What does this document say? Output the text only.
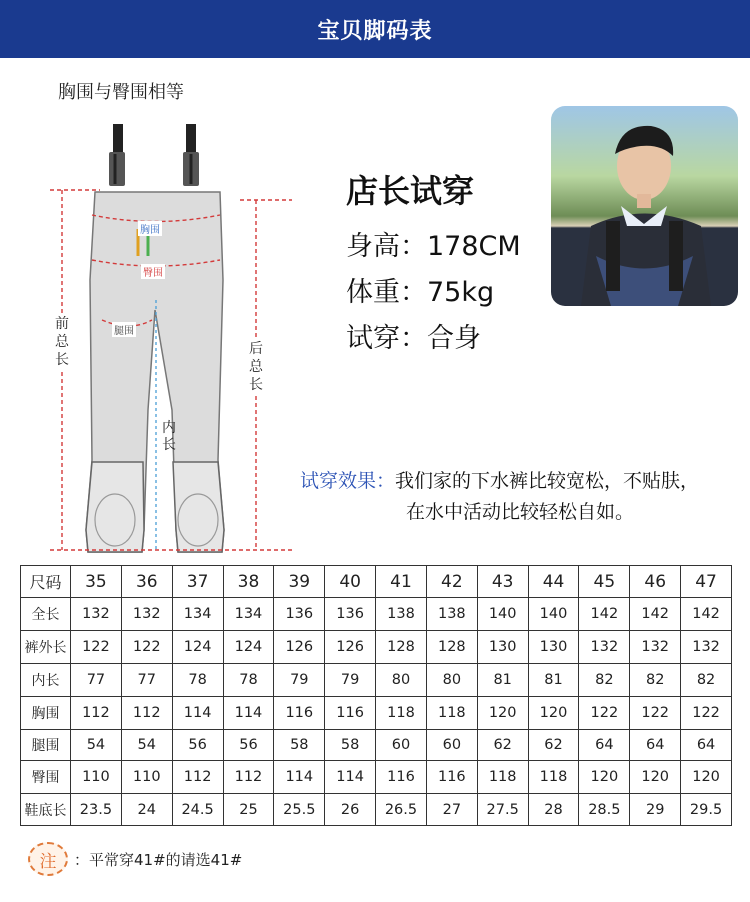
宝贝脚码表
胸围与臀围相等
胸围
臀围
腿围
前
总
长
后
总
长
内
长
店长试穿
身高：178CM
体重：75kg
试穿：合身
试穿效果：我们家的下水裤比较宽松，不贴肤，
在水中活动比较轻松自如。
尺码	35	36	37	38	39	40	41	42	43	44	45	46	47
全长	132	132	134	134	136	136	138	138	140	140	142	142	142
裤外长	122	122	124	124	126	126	128	128	130	130	132	132	132
内长	77	77	78	78	79	79	80	80	81	81	82	82	82
胸围	112	112	114	114	116	116	118	118	120	120	122	122	122
腿围	54	54	56	56	58	58	60	60	62	62	64	64	64
臀围	110	110	112	112	114	114	116	116	118	118	120	120	120
鞋底长	23.5	24	24.5	25	25.5	26	26.5	27	27.5	28	28.5	29	29.5
注	：平常穿41#的请选41#
